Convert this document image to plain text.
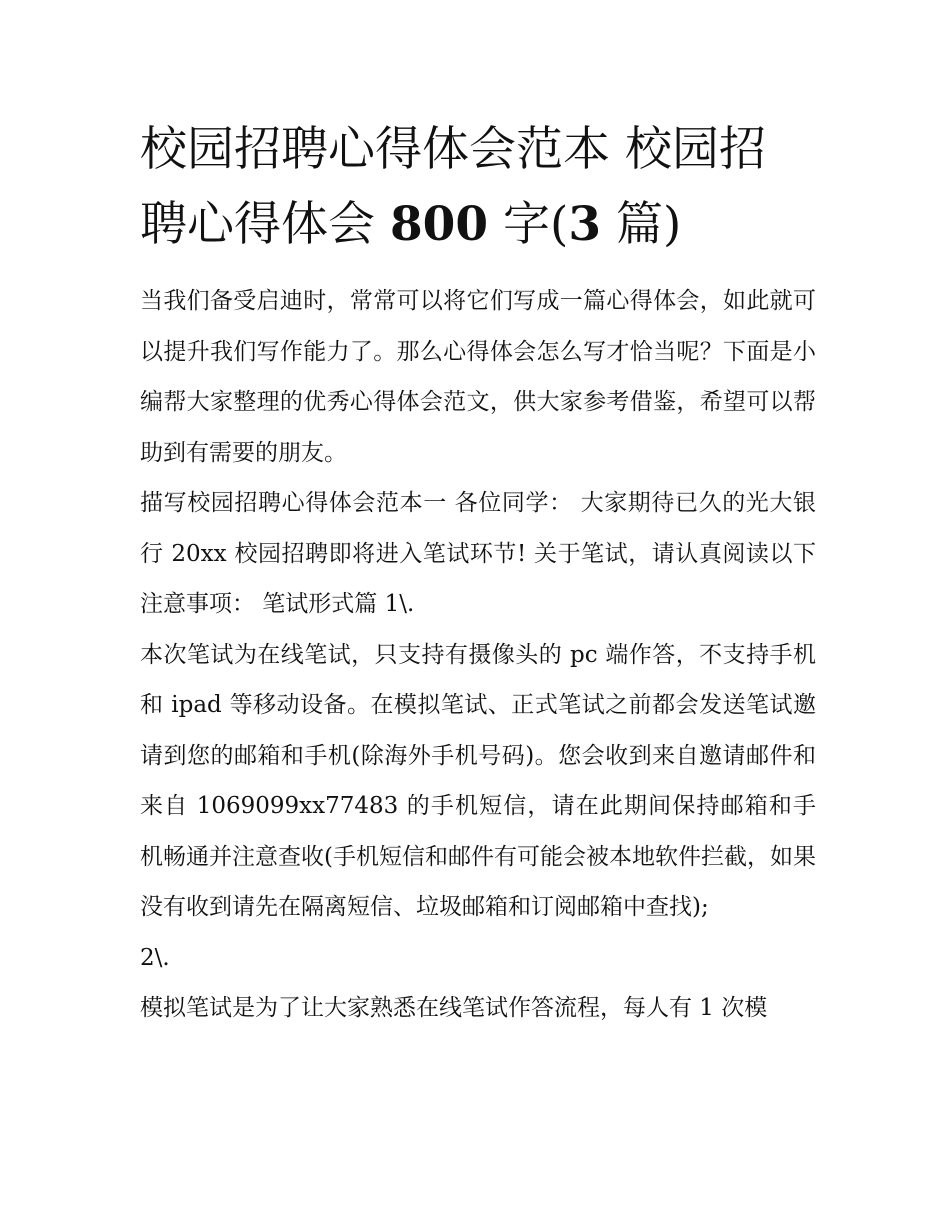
校园招聘心得体会范本 校园招
聘心得体会 800 字(3 篇)

当我们备受启迪时，常常可以将它们写成一篇心得体会，如此就可以提升我们写作能力了。那么心得体会怎么写才恰当呢？下面是小编帮大家整理的优秀心得体会范文，供大家参考借鉴，希望可以帮助到有需要的朋友。

描写校园招聘心得体会范本一 各位同学： 大家期待已久的光大银行 20xx 校园招聘即将进入笔试环节! 关于笔试，请认真阅读以下注意事项： 笔试形式篇 1\.

本次笔试为在线笔试，只支持有摄像头的 pc 端作答，不支持手机和 ipad 等移动设备。在模拟笔试、正式笔试之前都会发送笔试邀请到您的邮箱和手机(除海外手机号码)。您会收到来自邀请邮件和来自 1069099xx77483 的手机短信，请在此期间保持邮箱和手机畅通并注意查收(手机短信和邮件有可能会被本地软件拦截，如果没有收到请先在隔离短信、垃圾邮箱和订阅邮箱中查找);

2\.

模拟笔试是为了让大家熟悉在线笔试作答流程，每人有 1 次模
